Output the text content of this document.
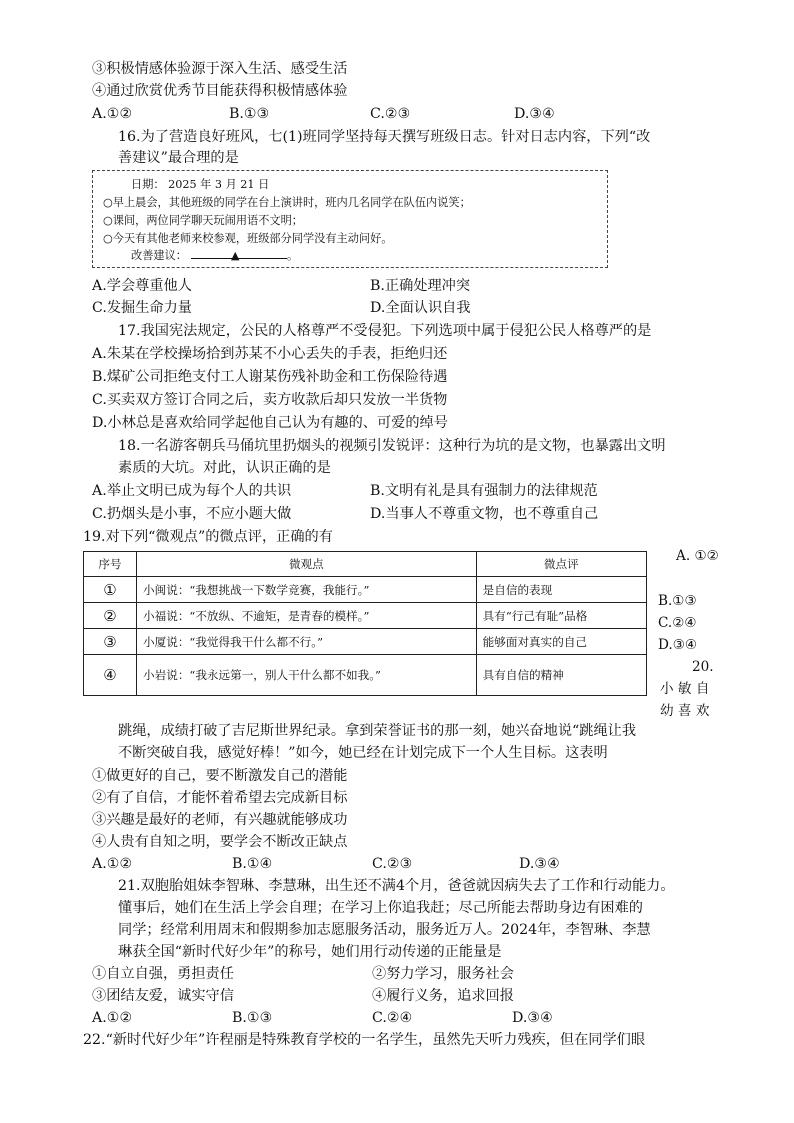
③积极情感体验源于深入生活、感受生活
④通过欣赏优秀节目能获得积极情感体验
A.①②	B.①③	C.②③	D.③④
16.为了营造良好班风，七(1)班同学坚持每天撰写班级日志。针对日志内容，下列“改
善建议”最合理的是
日期： 2025 年 3 月 21 日
○早上晨会，其他班级的同学在台上演讲时，班内几名同学在队伍内说笑；
○课间，两位同学聊天玩闹用语不文明；
○今天有其他老师来校参观，班级部分同学没有主动问好。
改善建议：	▲	。
A.学会尊重他人	B.正确处理冲突
C.发掘生命力量	D.全面认识自我
17.我国宪法规定，公民的人格尊严不受侵犯。下列选项中属于侵犯公民人格尊严的是
A.朱某在学校操场拾到苏某不小心丢失的手表，拒绝归还
B.煤矿公司拒绝支付工人谢某伤残补助金和工伤保险待遇
C.买卖双方签订合同之后，卖方收款后却只发放一半货物
D.小林总是喜欢给同学起他自己认为有趣的、可爱的绰号
18.一名游客朝兵马俑坑里扔烟头的视频引发锐评：这种行为坑的是文物，也暴露出文明
素质的大坑。对此，认识正确的是
A.举止文明已成为每个人的共识	B.文明有礼是具有强制力的法律规范
C.扔烟头是小事，不应小题大做	D.当事人不尊重文物，也不尊重自己
19.对下列“微观点”的微点评，正确的有
序号	微观点	微点评
①	小闽说：“我想挑战一下数学竞赛，我能行。”	是自信的表现
②	小福说：“不放纵、不逾矩，是青春的模样。”	具有“行己有耻”品格
③	小厦说：“我觉得我干什么都不行。”	能够面对真实的自己
④	小岩说：“我永远第一，别人干什么都不如我。”	具有自信的精神
A. ①②
B.①③
C.②④
D.③④
20.
小 敏 自
幼 喜 欢
跳绳，成绩打破了吉尼斯世界纪录。拿到荣誉证书的那一刻，她兴奋地说“跳绳让我
不断突破自我，感觉好棒！”如今，她已经在计划完成下一个人生目标。这表明
①做更好的自己，要不断激发自己的潜能
②有了自信，才能怀着希望去完成新目标
③兴趣是最好的老师，有兴趣就能够成功
④人贵有自知之明，要学会不断改正缺点
A.①②	B.①④	C.②③	D.③④
21.双胞胎姐妹李智琳、李慧琳，出生还不满4个月，爸爸就因病失去了工作和行动能力。
懂事后，她们在生活上学会自理；在学习上你追我赶；尽己所能去帮助身边有困难的
同学；经常利用周末和假期参加志愿服务活动，服务近万人。2024年，李智琳、李慧
琳获全国“新时代好少年”的称号，她们用行动传递的正能量是
①自立自强，勇担责任	②努力学习，服务社会
③团结友爱，诚实守信	④履行义务，追求回报
A.①②	B.①③	C.②④	D.③④
22.“新时代好少年”许程丽是特殊教育学校的一名学生，虽然先天听力残疾，但在同学们眼
